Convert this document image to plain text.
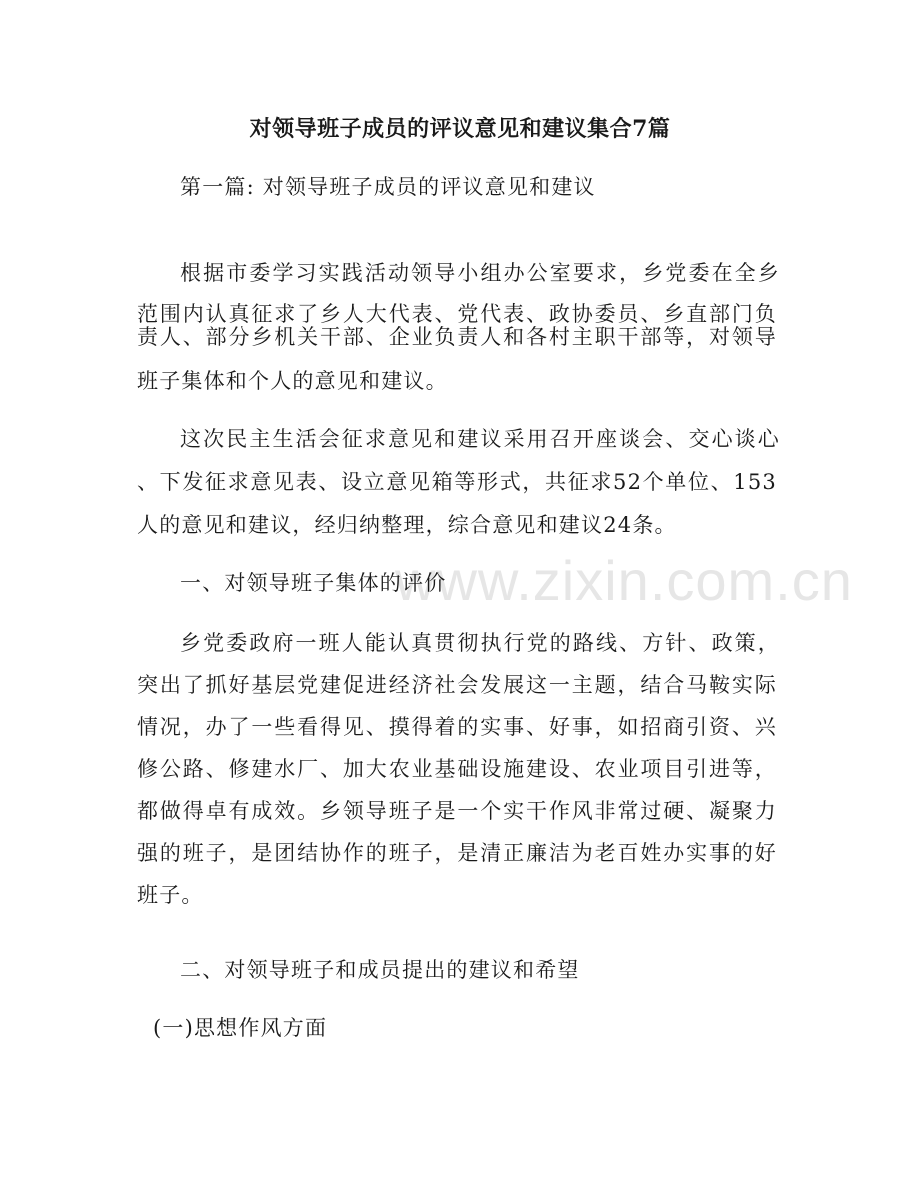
www.zixin.com.cn
对领导班子成员的评议意见和建议集合7篇
第一篇: 对领导班子成员的评议意见和建议
根据市委学习实践活动领导小组办公室要求，乡党委在全乡
范围内认真征求了乡人大代表、党代表、政协委员、乡直部门负
责人、部分乡机关干部、企业负责人和各村主职干部等，对领导
班子集体和个人的意见和建议。
这次民主生活会征求意见和建议采用召开座谈会、交心谈心
、下发征求意见表、设立意见箱等形式，共征求52个单位、153
人的意见和建议，经归纳整理，综合意见和建议24条。
一、对领导班子集体的评价
乡党委政府一班人能认真贯彻执行党的路线、方针、政策，
突出了抓好基层党建促进经济社会发展这一主题，结合马鞍实际
情况，办了一些看得见、摸得着的实事、好事，如招商引资、兴
修公路、修建水厂、加大农业基础设施建设、农业项目引进等，
都做得卓有成效。乡领导班子是一个实干作风非常过硬、凝聚力
强的班子，是团结协作的班子，是清正廉洁为老百姓办实事的好
班子。
二、对领导班子和成员提出的建议和希望
(一)思想作风方面
